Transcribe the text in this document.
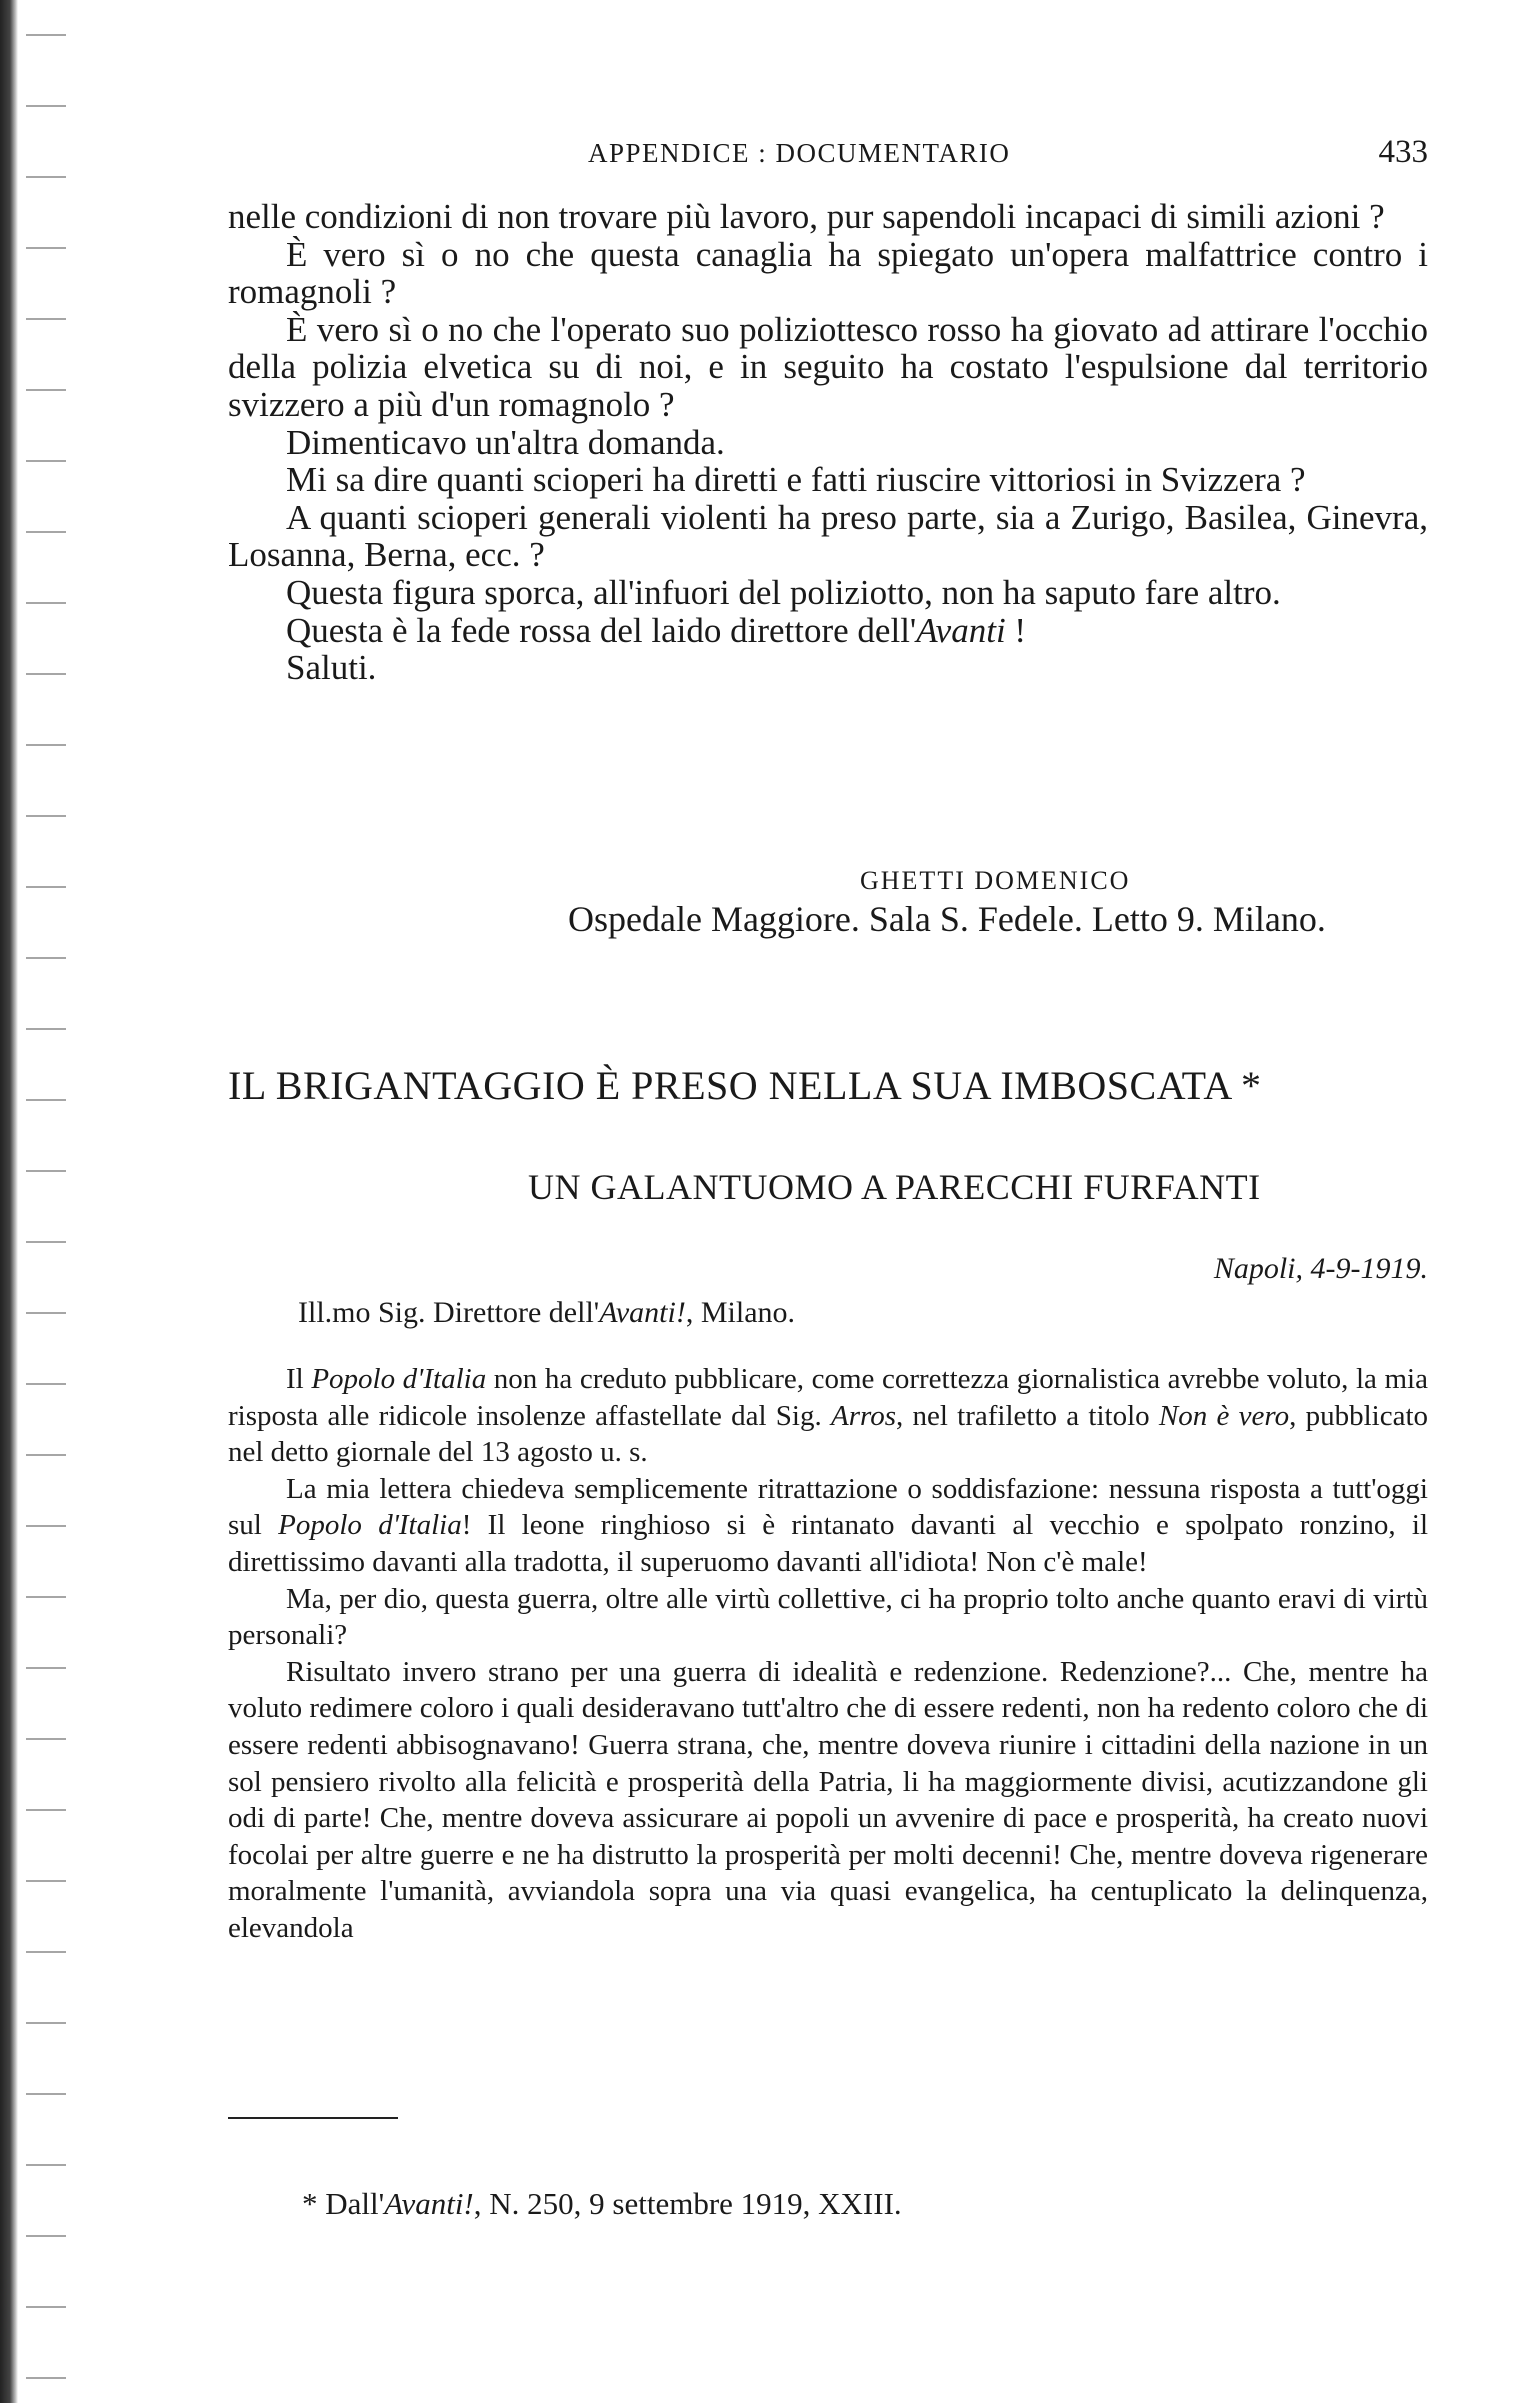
APPENDICE : DOCUMENTARIO	433

nelle condizioni di non trovare più lavoro, pur sapendoli incapaci di simili azioni ?

È vero sì o no che questa canaglia ha spiegato un'opera malfattrice contro i romagnoli ?

È vero sì o no che l'operato suo poliziottesco rosso ha giovato ad attirare l'occhio della polizia elvetica su di noi, e in seguito ha costato l'espulsione dal territorio svizzero a più d'un romagnolo ?

Dimenticavo un'altra domanda.

Mi sa dire quanti scioperi ha diretti e fatti riuscire vittoriosi in Svizzera ?

A quanti scioperi generali violenti ha preso parte, sia a Zurigo, Basilea, Ginevra, Losanna, Berna, ecc. ?

Questa figura sporca, all'infuori del poliziotto, non ha saputo fare altro.

Questa è la fede rossa del laido direttore dell'Avanti !

Saluti.

GHETTI DOMENICO
Ospedale Maggiore. Sala S. Fedele. Letto 9. Milano.
IL BRIGANTAGGIO È PRESO NELLA SUA IMBOSCATA *
UN GALANTUOMO A PARECCHI FURFANTI
Napoli, 4-9-1919.
Ill.mo Sig. Direttore dell'Avanti!, Milano.

Il Popolo d'Italia non ha creduto pubblicare, come correttezza giornalistica avrebbe voluto, la mia risposta alle ridicole insolenze affastellate dal Sig. Arros, nel trafiletto a titolo Non è vero, pubblicato nel detto giornale del 13 agosto u. s.

La mia lettera chiedeva semplicemente ritrattazione o soddisfazione: nessuna risposta a tutt'oggi sul Popolo d'Italia! Il leone ringhioso si è rintanato davanti al vecchio e spolpato ronzino, il direttissimo davanti alla tradotta, il superuomo davanti all'idiota! Non c'è male!

Ma, per dio, questa guerra, oltre alle virtù collettive, ci ha proprio tolto anche quanto eravi di virtù personali?

Risultato invero strano per una guerra di idealità e redenzione. Redenzione?... Che, mentre ha voluto redimere coloro i quali desideravano tutt'altro che di essere redenti, non ha redento coloro che di essere redenti abbisognavano! Guerra strana, che, mentre doveva riunire i cittadini della nazione in un sol pensiero rivolto alla felicità e prosperità della Patria, li ha maggiormente divisi, acutizzandone gli odi di parte! Che, mentre doveva assicurare ai popoli un avvenire di pace e prosperità, ha creato nuovi focolai per altre guerre e ne ha distrutto la prosperità per molti decenni! Che, mentre doveva rigenerare moralmente l'umanità, avviandola sopra una via quasi evangelica, ha centuplicato la delinquenza, elevandola

* Dall'Avanti!, N. 250, 9 settembre 1919, XXIII.
